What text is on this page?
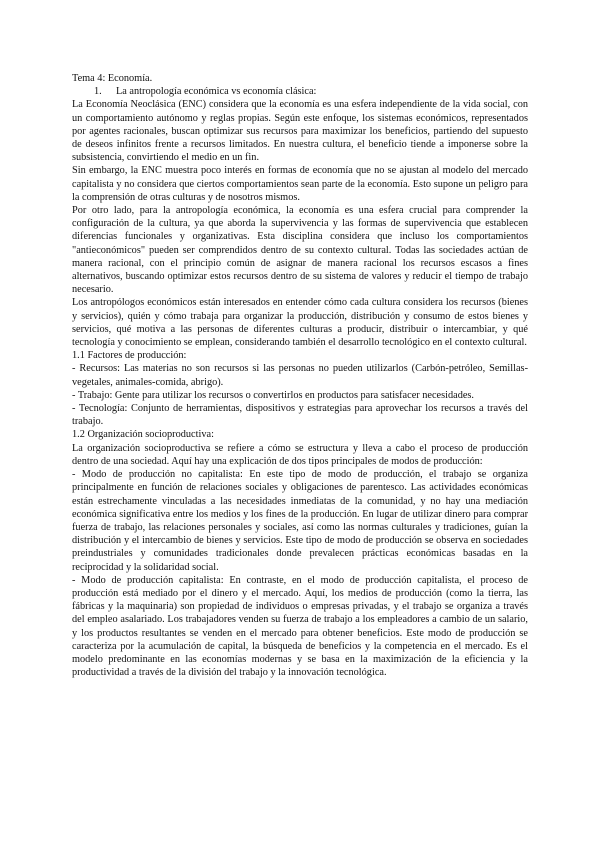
Tema 4: Economía.

1.	La antropología económica vs economía clásica:

La Economía Neoclásica (ENC) considera que la economía es una esfera independiente de la vida social, con un comportamiento autónomo y reglas propias. Según este enfoque, los sistemas económicos, representados por agentes racionales, buscan optimizar sus recursos para maximizar los beneficios, partiendo del supuesto de deseos infinitos frente a recursos limitados. En nuestra cultura, el beneficio tiende a imponerse sobre la subsistencia, convirtiendo el medio en un fin.

Sin embargo, la ENC muestra poco interés en formas de economía que no se ajustan al modelo del mercado capitalista y no considera que ciertos comportamientos sean parte de la economía. Esto supone un peligro para la comprensión de otras culturas y de nosotros mismos.

Por otro lado, para la antropología económica, la economía es una esfera crucial para comprender la configuración de la cultura, ya que aborda la supervivencia y las formas de supervivencia que establecen diferencias funcionales y organizativas. Esta disciplina considera que incluso los comportamientos "antieconómicos" pueden ser comprendidos dentro de su contexto cultural. Todas las sociedades actúan de manera racional, con el principio común de asignar de manera racional los recursos escasos a fines alternativos, buscando optimizar estos recursos dentro de su sistema de valores y reducir el tiempo de trabajo necesario.

Los antropólogos económicos están interesados en entender cómo cada cultura considera los recursos (bienes y servicios), quién y cómo trabaja para organizar la producción, distribución y consumo de estos bienes y servicios, qué motiva a las personas de diferentes culturas a producir, distribuir o intercambiar, y qué tecnología y conocimiento se emplean, considerando también el desarrollo tecnológico en el contexto cultural.

1.1 Factores de producción:

- Recursos: Las materias no son recursos si las personas no pueden utilizarlos (Carbón-petróleo, Semillas-vegetales, animales-comida, abrigo).

- Trabajo: Gente para utilizar los recursos o convertirlos en productos para satisfacer necesidades.

- Tecnología: Conjunto de herramientas, dispositivos y estrategias para aprovechar los recursos a través del trabajo.

1.2 Organización socioproductiva:

La organización socioproductiva se refiere a cómo se estructura y lleva a cabo el proceso de producción dentro de una sociedad. Aquí hay una explicación de dos tipos principales de modos de producción:

- Modo de producción no capitalista: En este tipo de modo de producción, el trabajo se organiza principalmente en función de relaciones sociales y obligaciones de parentesco. Las actividades económicas están estrechamente vinculadas a las necesidades inmediatas de la comunidad, y no hay una mediación económica significativa entre los medios y los fines de la producción. En lugar de utilizar dinero para comprar fuerza de trabajo, las relaciones personales y sociales, así como las normas culturales y tradiciones, guían la distribución y el intercambio de bienes y servicios. Este tipo de modo de producción se observa en sociedades preindustriales y comunidades tradicionales donde prevalecen prácticas económicas basadas en la reciprocidad y la solidaridad social.

- Modo de producción capitalista: En contraste, en el modo de producción capitalista, el proceso de producción está mediado por el dinero y el mercado. Aquí, los medios de producción (como la tierra, las fábricas y la maquinaria) son propiedad de individuos o empresas privadas, y el trabajo se organiza a través del empleo asalariado. Los trabajadores venden su fuerza de trabajo a los empleadores a cambio de un salario, y los productos resultantes se venden en el mercado para obtener beneficios. Este modo de producción se caracteriza por la acumulación de capital, la búsqueda de beneficios y la competencia en el mercado. Es el modelo predominante en las economías modernas y se basa en la maximización de la eficiencia y la productividad a través de la división del trabajo y la innovación tecnológica.
